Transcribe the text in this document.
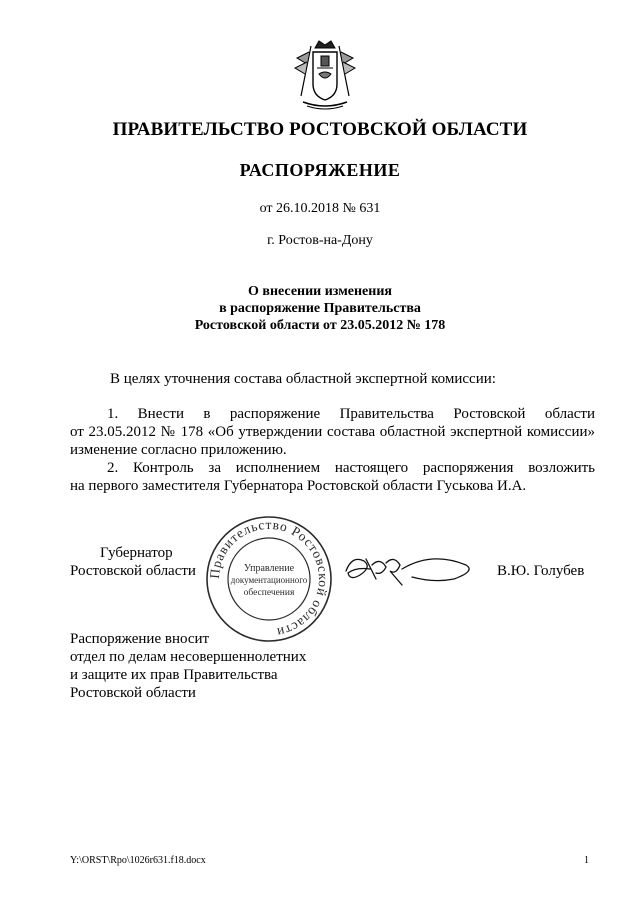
ПРАВИТЕЛЬСТВО РОСТОВСКОЙ ОБЛАСТИ
РАСПОРЯЖЕНИЕ
от 26.10.2018 № 631
г. Ростов-на-Дону
О внесении изменения
в распоряжение Правительства
Ростовской области от 23.05.2012 № 178
В целях уточнения состава областной экспертной комиссии:
1. Внести в распоряжение Правительства Ростовской области
от 23.05.2012 № 178 «Об утверждении состава областной экспертной комиссии»
изменение согласно приложению.
2. Контроль за исполнением настоящего распоряжения возложить
на первого заместителя Губернатора Ростовской области Гуськова И.А.
Губернатор
Ростовской области Правительство Ростовской области
Управление
документационного
обеспечения
В.Ю. Голубев
Распоряжение вносит
отдел по делам несовершеннолетних
и защите их прав Правительства
Ростовской области
Y:\ORST\Rpo\1026r631.f18.docx	1
